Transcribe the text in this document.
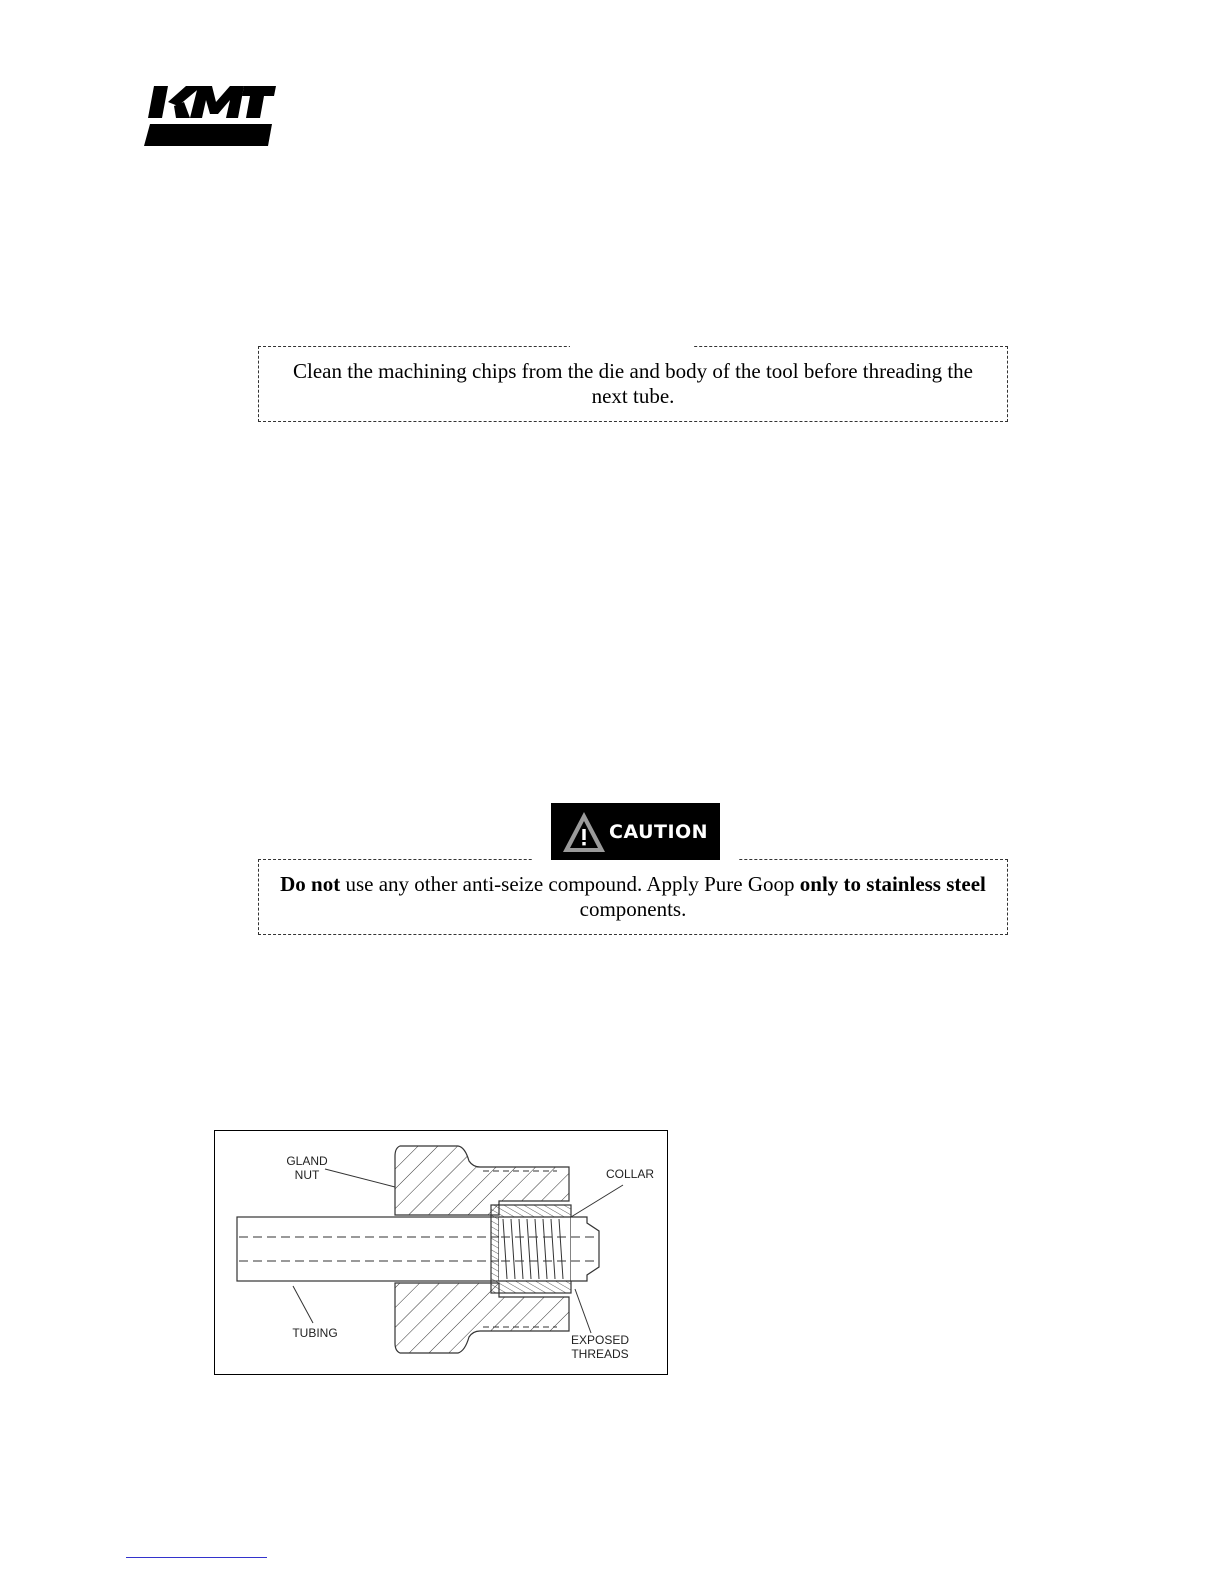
Clean the machining chips from the die and body of the tool before threading the next tube.
Do not use any other anti-seize compound. Apply Pure Goop only to stainless steel components.
CAUTION
GLAND
NUT	COLLAR
TUBING	EXPOSED
THREADS
